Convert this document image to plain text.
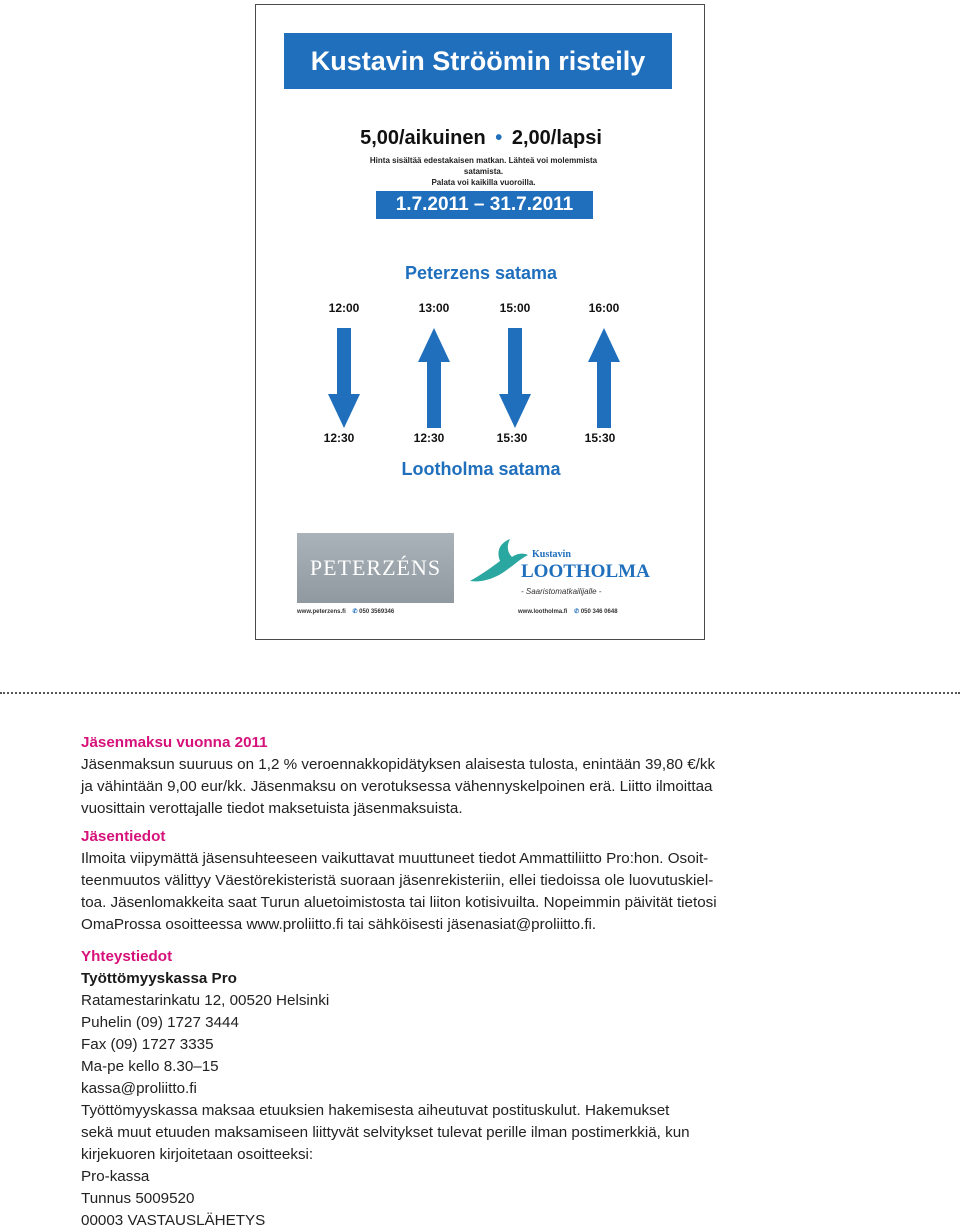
Kustavin Ströömin risteily
5,00/aikuinen • 2,00/lapsi
Hinta sisältää edestakaisen matkan. Lähteä voi molemmista satamista.
Palata voi kaikilla vuoroilla.
1.7.2011 – 31.7.2011
Peterzens satama
12:00	13:00	15:00	16:00
12:30	12:30	15:30	15:30
Lootholma satama
PETERZÉNS
Kustavin
LOOTHOLMA
- Saaristomatkailijalle -
www.peterzens.fi ✆ 050 3569346	www.lootholma.fi ✆ 050 346 0648
Jäsenmaksu vuonna 2011
Jäsenmaksun suuruus on 1,2 % veroennakkopidätyksen alaisesta tulosta, enintään 39,80 €/kk
ja vähintään 9,00 eur/kk. Jäsenmaksu on verotuksessa vähennyskelpoinen erä. Liitto ilmoittaa
vuosittain verottajalle tiedot maksetuista jäsenmaksuista.
Jäsentiedot
Ilmoita viipymättä jäsensuhteeseen vaikuttavat muuttuneet tiedot Ammattiliitto Pro:hon. Osoit-
teenmuutos välittyy Väestörekisteristä suoraan jäsenrekisteriin, ellei tiedoissa ole luovutuskiel-
toa. Jäsenlomakkeita saat Turun aluetoimistosta tai liiton kotisivuilta. Nopeimmin päivität tietosi
OmaProssa osoitteessa www.proliitto.fi tai sähköisesti jäsenasiat@proliitto.fi.
Yhteystiedot
Työttömyyskassa Pro
Ratamestarinkatu 12, 00520 Helsinki
Puhelin (09) 1727 3444
Fax (09) 1727 3335
Ma-pe kello 8.30–15
kassa@proliitto.fi
Työttömyyskassa maksaa etuuksien hakemisesta aiheutuvat postituskulut. Hakemukset
sekä muut etuuden maksamiseen liittyvät selvitykset tulevat perille ilman postimerkkiä, kun
kirjekuoren kirjoitetaan osoitteeksi:
Pro-kassa
Tunnus 5009520
00003 VASTAUSLÄHETYS
